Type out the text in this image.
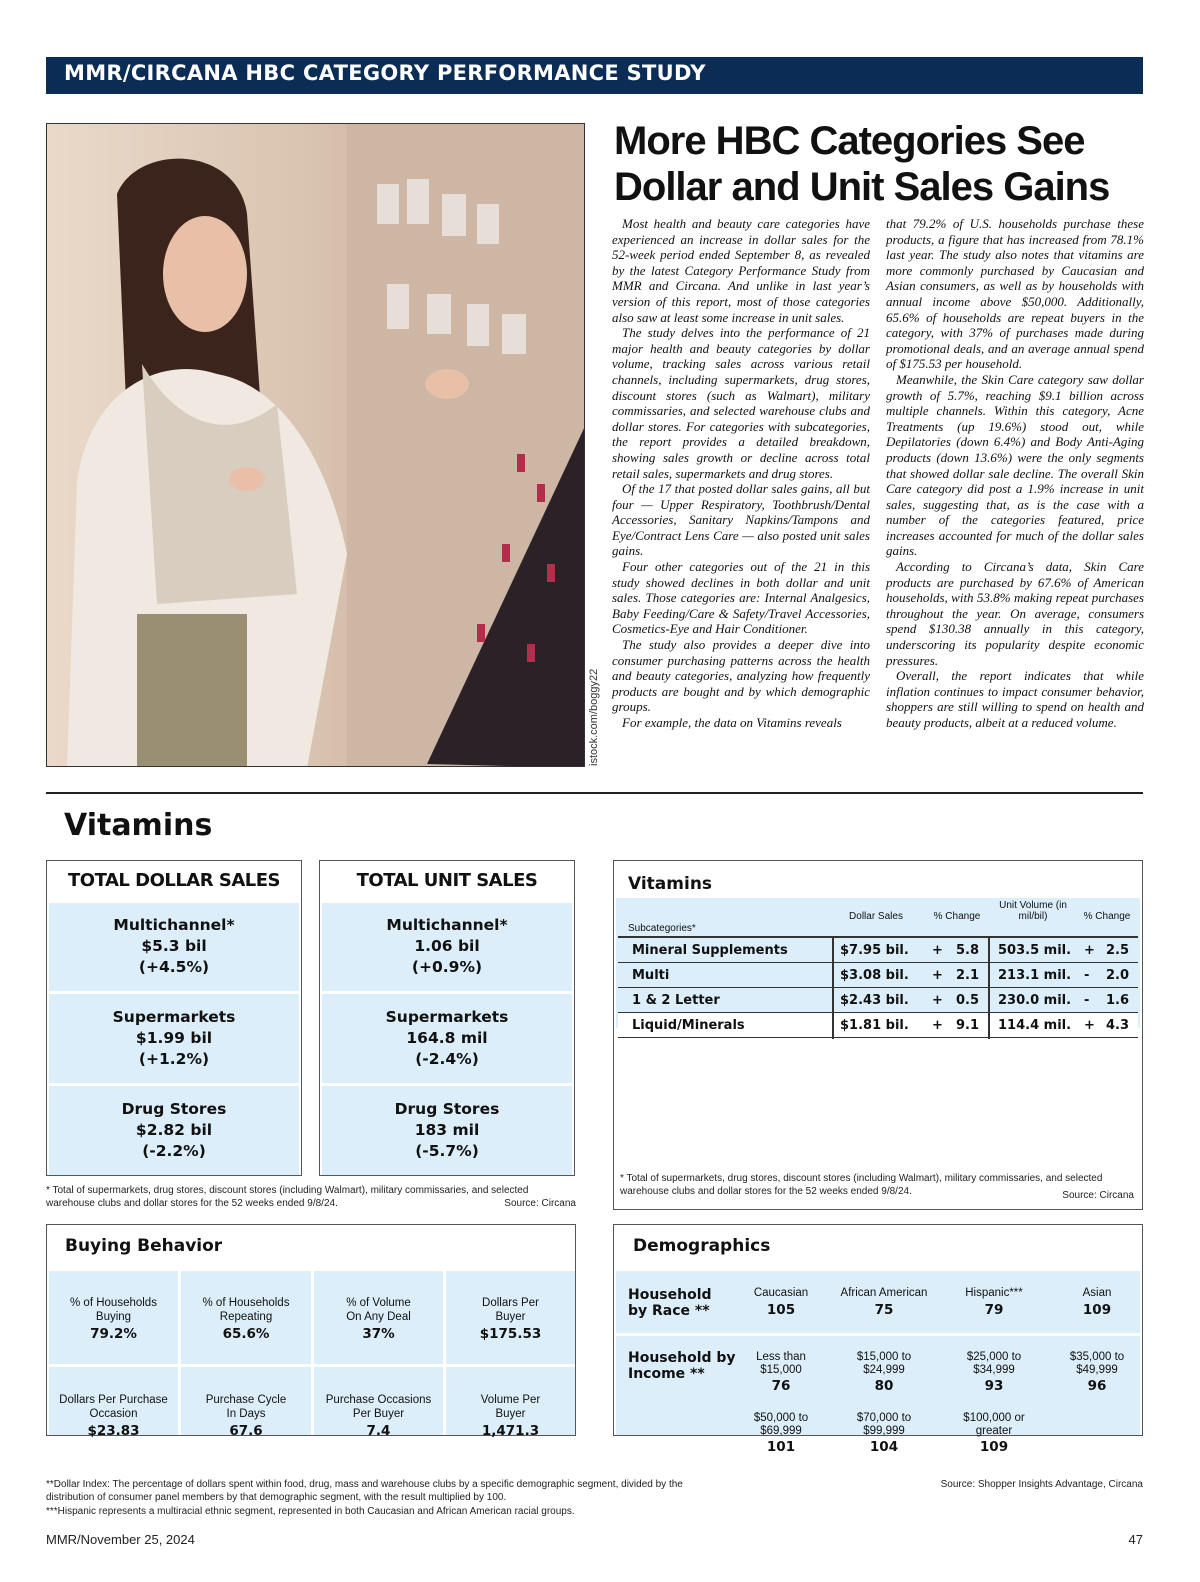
MMR/CIRCANA HBC CATEGORY PERFORMANCE STUDY
istock.com/boggy22
More HBC Categories See Dollar and Unit Sales Gains

Most health and beauty care categories have experienced an increase in dollar sales for the 52-week period ended September 8, as revealed by the latest Category Performance Study from MMR and Circana. And unlike in last year’s version of this report, most of those categories also saw at least some increase in unit sales.

The study delves into the performance of 21 major health and beauty categories by dollar volume, tracking sales across various retail channels, including supermarkets, drug stores, discount stores (such as Walmart), military commissaries, and selected warehouse clubs and dollar stores. For categories with subcategories, the report provides a detailed breakdown, showing sales growth or decline across total retail sales, supermarkets and drug stores.

Of the 17 that posted dollar sales gains, all but four — Upper Respiratory, Toothbrush/Dental Accessories, Sanitary Napkins/Tampons and Eye/Contract Lens Care — also posted unit sales gains.

Four other categories out of the 21 in this study showed declines in both dollar and unit sales. Those categories are: Internal Analgesics, Baby Feeding/Care & Safety/Travel Accessories, Cosmetics-Eye and Hair Conditioner.

The study also provides a deeper dive into consumer purchasing patterns across the health and beauty categories, analyzing how frequently products are bought and by which demographic groups.

For example, the data on Vitamins reveals

that 79.2% of U.S. households purchase these products, a figure that has increased from 78.1% last year. The study also notes that vitamins are more commonly purchased by Caucasian and Asian consumers, as well as by households with annual income above $50,000. Additionally, 65.6% of households are repeat buyers in the category, with 37% of purchases made during promotional deals, and an average annual spend of $175.53 per household.

Meanwhile, the Skin Care category saw dollar growth of 5.7%, reaching $9.1 billion across multiple channels. Within this category, Acne Treatments (up 19.6%) stood out, while Depilatories (down 6.4%) and Body Anti-Aging products (down 13.6%) were the only segments that showed dollar sale decline. The overall Skin Care category did post a 1.9% increase in unit sales, suggesting that, as is the case with a number of the categories featured, price increases accounted for much of the dollar sales gains.

According to Circana’s data, Skin Care products are purchased by 67.6% of American households, with 53.8% making repeat purchases throughout the year. On average, consumers spend $130.38 annually in this category, underscoring its popularity despite economic pressures.

Overall, the report indicates that while inflation continues to impact consumer behavior, shoppers are still willing to spend on health and beauty products, albeit at a reduced volume.

Vitamins
TOTAL DOLLAR SALES
Multichannel*
$5.3 bil
(+4.5%)
Supermarkets
$1.99 bil
(+1.2%)
Drug Stores
$2.82 bil
(-2.2%)
TOTAL UNIT SALES
Multichannel*
1.06 bil
(+0.9%)
Supermarkets
164.8 mil
(-2.4%)
Drug Stores
183 mil
(-5.7%)
* Total of supermarkets, drug stores, discount stores (including Walmart), military commissaries, and selected warehouse clubs and dollar stores for the 52 weeks ended 9/8/24.	Source: Circana
Vitamins
Subcategories*
Dollar Sales	% Change
Unit Volume (in mil/bil)	% Change
Mineral Supplements	$7.95 bil. + 5.8 503.5 mil. + 2.5
Multi	$3.08 bil. + 2.1 213.1 mil. - 2.0
1 & 2 Letter	$2.43 bil. + 0.5 230.0 mil. - 1.6
Liquid/Minerals	$1.81 bil. + 9.1 114.4 mil. + 4.3
* Total of supermarkets, drug stores, discount stores (including Walmart), military commissaries, and selected warehouse clubs and dollar stores for the 52 weeks ended 9/8/24.	Source: Circana
Buying Behavior
% of Households Buying
79.2%
% of Households Repeating
65.6%
% of Volume On Any Deal
37%
Dollars Per Buyer
$175.53
Dollars Per Purchase Occasion
$23.83
Purchase Cycle In Days
67.6
Purchase Occasions Per Buyer
7.4
Volume Per Buyer
1,471.3
Demographics
Household by Race **
Caucasian
105
African American
75
Hispanic***
79
Asian
109
Household by Income **
Less than $15,000
76
$15,000 to $24,999
80
$25,000 to $34,999
93
$35,000 to $49,999
96
$50,000 to $69,999
101
$70,000 to $99,999
104
$100,000 or greater
109
**Dollar Index: The percentage of dollars spent within food, drug, mass and warehouse clubs by a specific demographic segment, divided by the distribution of consumer panel members by that demographic segment, with the result multiplied by 100.
***Hispanic represents a multiracial ethnic segment, represented in both Caucasian and African American racial groups.
Source: Shopper Insights Advantage, Circana
MMR/November 25, 2024	47
